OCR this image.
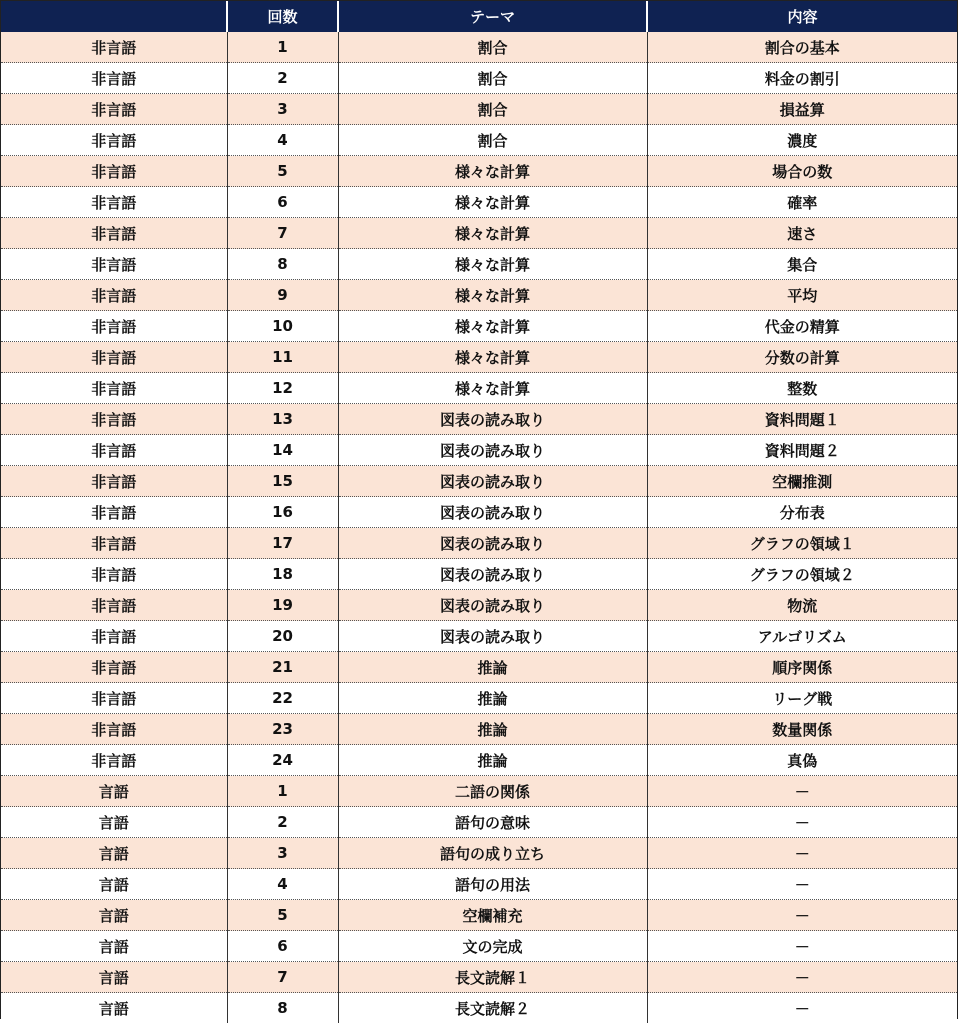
	回数	テーマ	内容
非言語	1	割合	割合の基本
非言語	2	割合	料金の割引
非言語	3	割合	損益算
非言語	4	割合	濃度
非言語	5	様々な計算	場合の数
非言語	6	様々な計算	確率
非言語	7	様々な計算	速さ
非言語	8	様々な計算	集合
非言語	9	様々な計算	平均
非言語	10	様々な計算	代金の精算
非言語	11	様々な計算	分数の計算
非言語	12	様々な計算	整数
非言語	13	図表の読み取り	資料問題１
非言語	14	図表の読み取り	資料問題２
非言語	15	図表の読み取り	空欄推測
非言語	16	図表の読み取り	分布表
非言語	17	図表の読み取り	グラフの領域１
非言語	18	図表の読み取り	グラフの領域２
非言語	19	図表の読み取り	物流
非言語	20	図表の読み取り	アルゴリズム
非言語	21	推論	順序関係
非言語	22	推論	リーグ戦
非言語	23	推論	数量関係
非言語	24	推論	真偽
言語	1	二語の関係	－
言語	2	語句の意味	－
言語	3	語句の成り立ち	－
言語	4	語句の用法	－
言語	5	空欄補充	－
言語	6	文の完成	－
言語	7	長文読解１	－
言語	8	長文読解２	－
